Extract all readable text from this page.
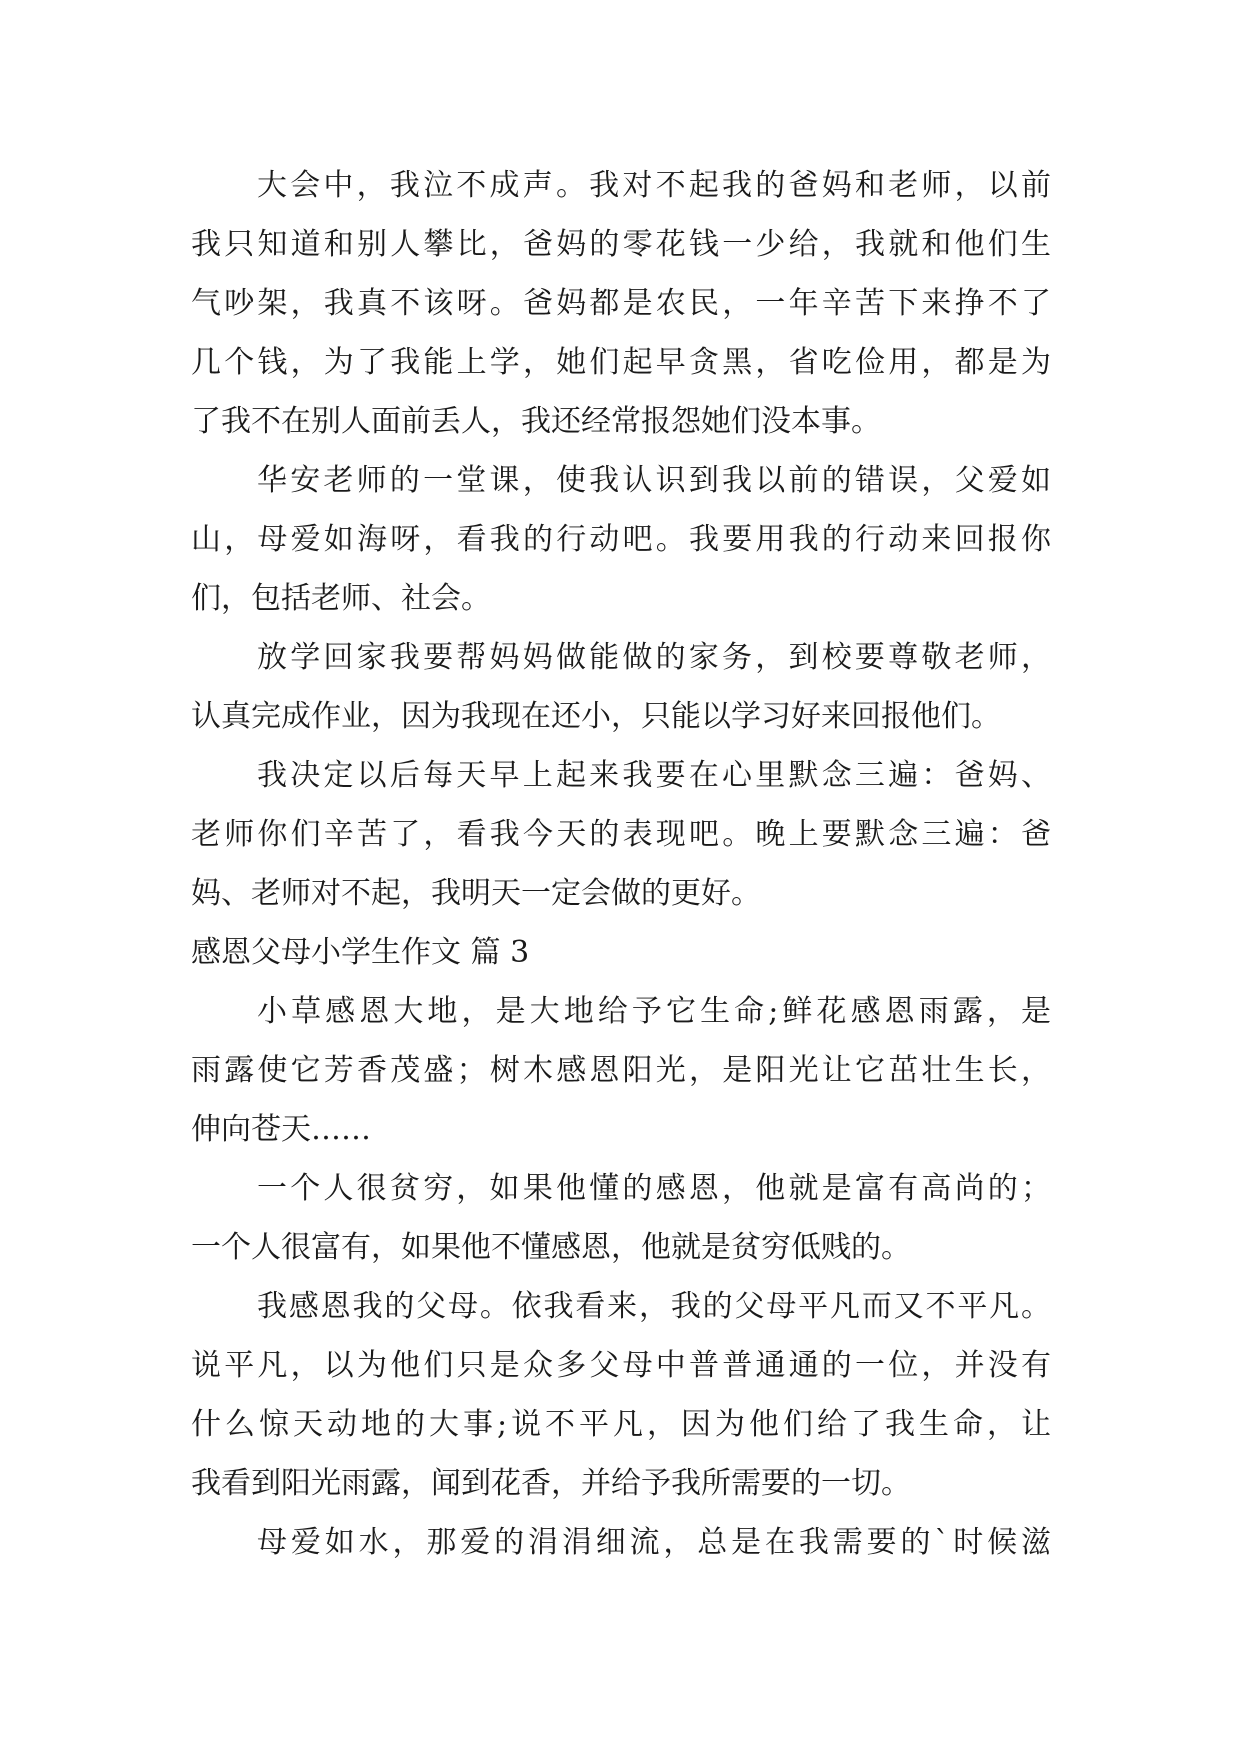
大会中，我泣不成声。我对不起我的爸妈和老师，以前
我只知道和别人攀比，爸妈的零花钱一少给，我就和他们生
气吵架，我真不该呀。爸妈都是农民，一年辛苦下来挣不了
几个钱，为了我能上学，她们起早贪黑，省吃俭用，都是为
了我不在别人面前丢人，我还经常报怨她们没本事。
华安老师的一堂课，使我认识到我以前的错误，父爱如
山，母爱如海呀，看我的行动吧。我要用我的行动来回报你
们，包括老师、社会。
放学回家我要帮妈妈做能做的家务，到校要尊敬老师，
认真完成作业，因为我现在还小，只能以学习好来回报他们。
我决定以后每天早上起来我要在心里默念三遍：爸妈、
老师你们辛苦了，看我今天的表现吧。晚上要默念三遍：爸
妈、老师对不起，我明天一定会做的更好。
感恩父母小学生作文 篇 3
小草感恩大地，是大地给予它生命;鲜花感恩雨露，是
雨露使它芳香茂盛；树木感恩阳光，是阳光让它茁壮生长，
伸向苍天……
一个人很贫穷，如果他懂的感恩，他就是富有高尚的；
一个人很富有，如果他不懂感恩，他就是贫穷低贱的。
我感恩我的父母。依我看来，我的父母平凡而又不平凡。
说平凡，以为他们只是众多父母中普普通通的一位，并没有
什么惊天动地的大事;说不平凡，因为他们给了我生命，让
我看到阳光雨露，闻到花香，并给予我所需要的一切。
母爱如水，那爱的涓涓细流，总是在我需要的`时候滋
